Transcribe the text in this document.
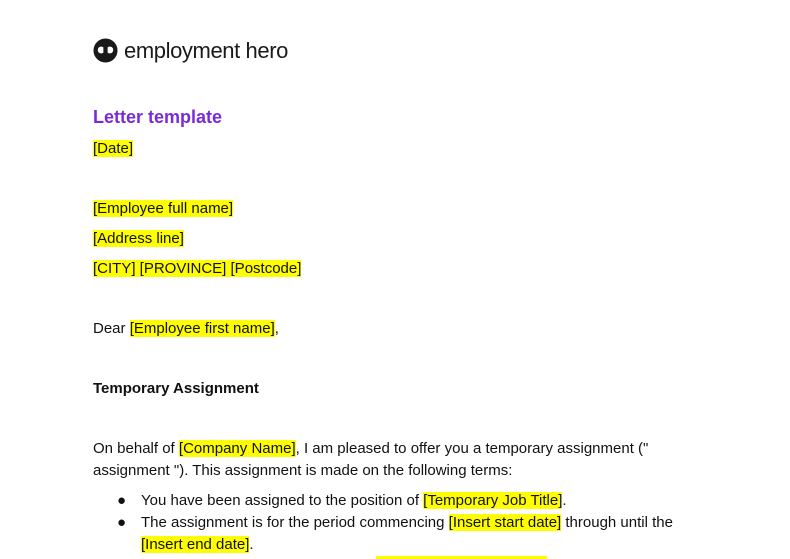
employment hero
Letter template
[Date]
[Employee full name]
[Address line]
[CITY] [PROVINCE] [Postcode]
Dear [Employee first name],
Temporary Assignment
On behalf of [Company Name], I am pleased to offer you a temporary assignment (" assignment "). This assignment is made on the following terms:
● You have been assigned to the position of [Temporary Job Title].
● The assignment is for the period commencing [Insert start date] through until the [Insert end date].
